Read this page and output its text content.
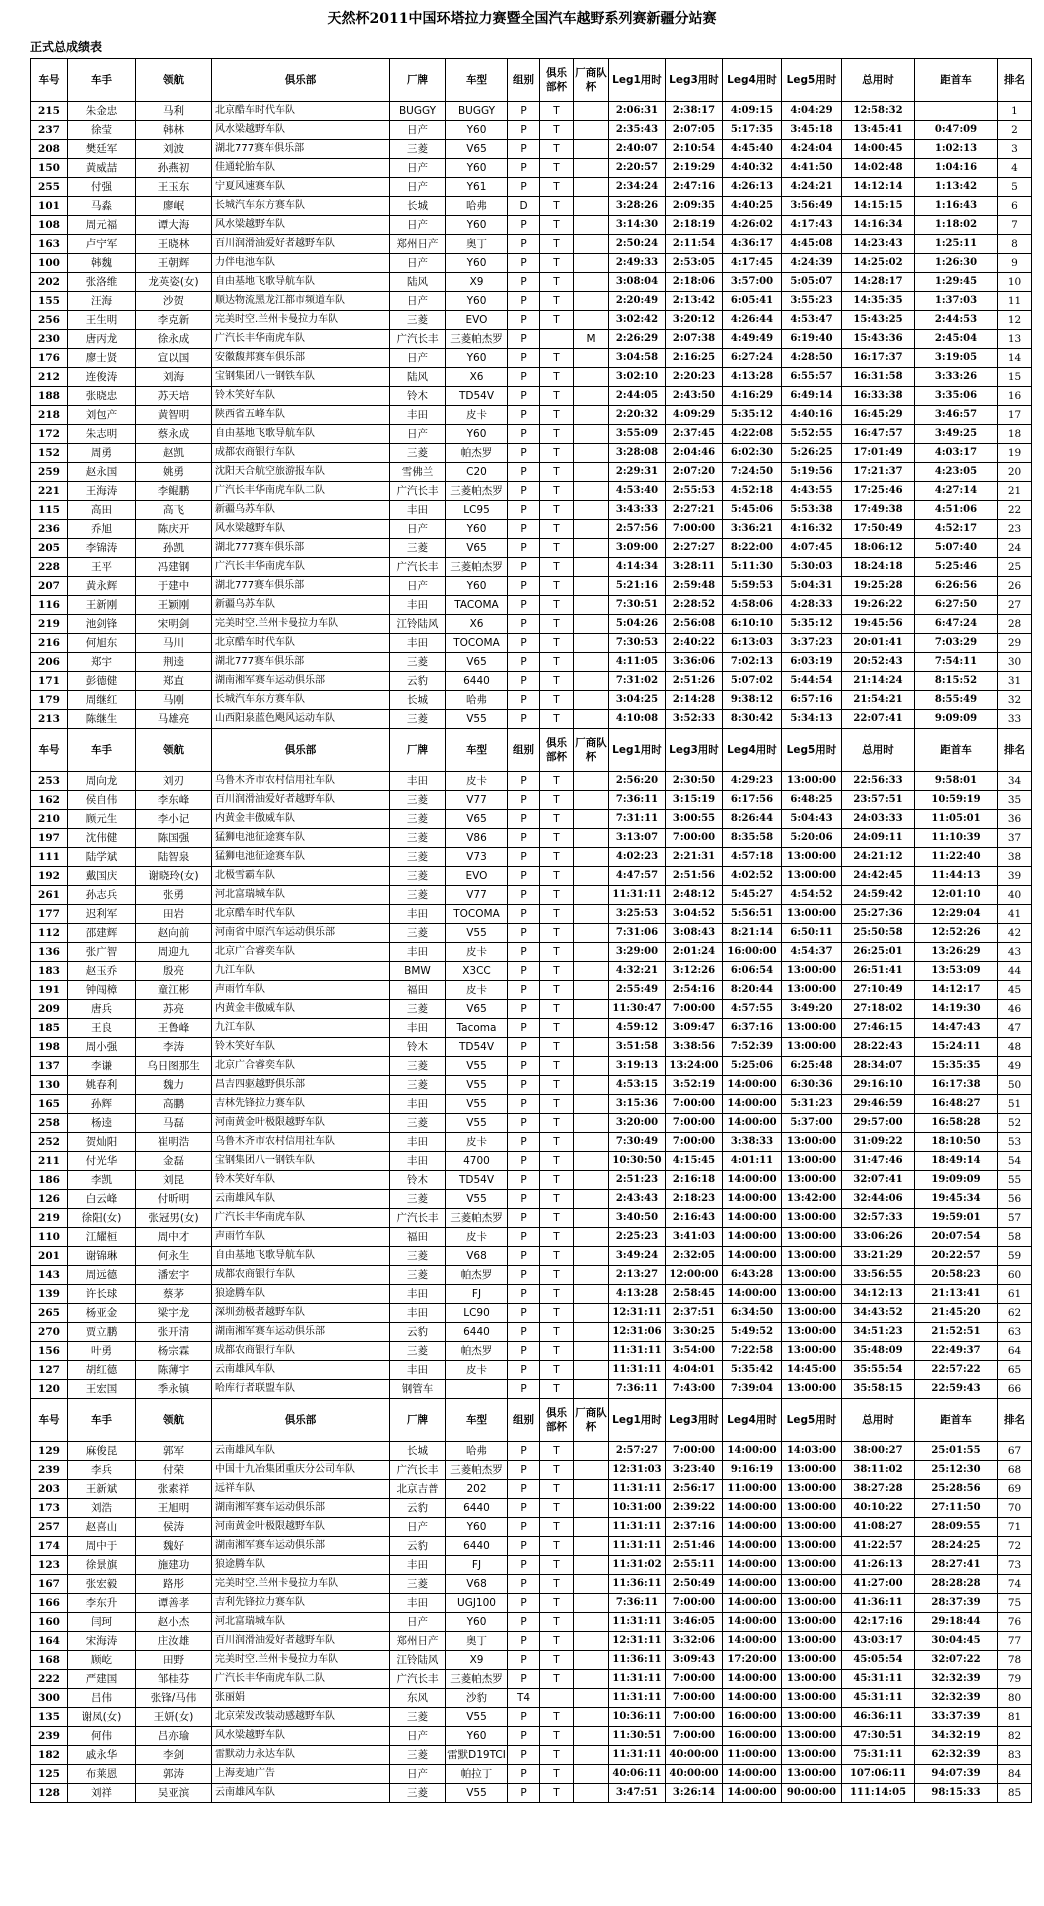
天然杯2011中国环塔拉力赛暨全国汽车越野系列赛新疆分站赛
正式总成绩表
车号	车手	领航	俱乐部	厂牌	车型	组别	俱乐部杯	厂商队杯	Leg1用时	Leg3用时	Leg4用时	Leg5用时	总用时	距首车	排名
215	朱金忠	马利	北京酷车时代车队	BUGGY	BUGGY	P	T		2:06:31	2:38:17	4:09:15	4:04:29	12:58:32		1
237	徐莹	韩林	风水梁越野车队	日产	Y60	P	T		2:35:43	2:07:05	5:17:35	3:45:18	13:45:41	0:47:09	2
208	樊廷军	刘波	湖北777赛车俱乐部	三菱	V65	P	T		2:40:07	2:10:54	4:45:40	4:24:04	14:00:45	1:02:13	3
150	黄威喆	孙燕初	佳通轮胎车队	日产	Y60	P	T		2:20:57	2:19:29	4:40:32	4:41:50	14:02:48	1:04:16	4
255	付强	王玉东	宁夏风速赛车队	日产	Y61	P	T		2:34:24	2:47:16	4:26:13	4:24:21	14:12:14	1:13:42	5
101	马淼	廖岷	长城汽车东方赛车队	长城	哈弗	D	T		3:28:26	2:09:35	4:40:25	3:56:49	14:15:15	1:16:43	6
108	周元福	谭大海	风水梁越野车队	日产	Y60	P	T		3:14:30	2:18:19	4:26:02	4:17:43	14:16:34	1:18:02	7
163	卢宁军	王晓林	百川润滑油爱好者越野车队	郑州日产	奥丁	P	T		2:50:24	2:11:54	4:36:17	4:45:08	14:23:43	1:25:11	8
100	韩魏	王朝辉	力伴电池车队	日产	Y60	P	T		2:49:33	2:53:05	4:17:45	4:24:39	14:25:02	1:26:30	9
202	张洛维	龙英姿(女)	自由基地飞歌导航车队	陆风	X9	P	T		3:08:04	2:18:06	3:57:00	5:05:07	14:28:17	1:29:45	10
155	汪海	沙贺	顺达物流黑龙江都市频道车队	日产	Y60	P	T		2:20:49	2:13:42	6:05:41	3:55:23	14:35:35	1:37:03	11
256	王生明	李克新	完美时空.兰州卡曼拉力车队	三菱	EVO	P	T		3:02:42	3:20:12	4:26:44	4:53:47	15:43:25	2:44:53	12
230	唐丙龙	徐永成	广汽长丰华南虎车队	广汽长丰	三菱帕杰罗	P		M	2:26:29	2:07:38	4:49:49	6:19:40	15:43:36	2:45:04	13
176	廖士贤	宣以国	安徽馥邦赛车俱乐部	日产	Y60	P	T		3:04:58	2:16:25	6:27:24	4:28:50	16:17:37	3:19:05	14
212	连俊涛	刘海	宝钢集团八一钢铁车队	陆风	X6	P	T		3:02:10	2:20:23	4:13:28	6:55:57	16:31:58	3:33:26	15
188	张晓忠	苏天培	铃木笑好车队	铃木	TD54V	P	T		2:44:05	2:43:50	4:16:29	6:49:14	16:33:38	3:35:06	16
218	刘包产	黄智明	陕西省五峰车队	丰田	皮卡	P	T		2:20:32	4:09:29	5:35:12	4:40:16	16:45:29	3:46:57	17
172	朱志明	蔡永成	自由基地飞歌导航车队	日产	Y60	P	T		3:55:09	2:37:45	4:22:08	5:52:55	16:47:57	3:49:25	18
152	周勇	赵凯	成都农商银行车队	三菱	帕杰罗	P	T		3:28:08	2:04:46	6:02:30	5:26:25	17:01:49	4:03:17	19
259	赵永国	姚勇	沈阳天合航空旅游报车队	雪佛兰	C20	P	T		2:29:31	2:07:20	7:24:50	5:19:56	17:21:37	4:23:05	20
221	王海涛	李鲲鹏	广汽长丰华南虎车队二队	广汽长丰	三菱帕杰罗	P	T		4:53:40	2:55:53	4:52:18	4:43:55	17:25:46	4:27:14	21
115	高田	高飞	新疆乌苏车队	丰田	LC95	P	T		3:43:33	2:27:21	5:45:06	5:53:38	17:49:38	4:51:06	22
236	乔旭	陈庆开	风水梁越野车队	日产	Y60	P	T		2:57:56	7:00:00	3:36:21	4:16:32	17:50:49	4:52:17	23
205	李锦涛	孙凯	湖北777赛车俱乐部	三菱	V65	P	T		3:09:00	2:27:27	8:22:00	4:07:45	18:06:12	5:07:40	24
228	王平	冯建钢	广汽长丰华南虎车队	广汽长丰	三菱帕杰罗	P	T		4:14:34	3:28:11	5:11:30	5:30:03	18:24:18	5:25:46	25
207	黄永辉	于建中	湖北777赛车俱乐部	日产	Y60	P	T		5:21:16	2:59:48	5:59:53	5:04:31	19:25:28	6:26:56	26
116	王新刚	王颖刚	新疆乌苏车队	丰田	TACOMA	P	T		7:30:51	2:28:52	4:58:06	4:28:33	19:26:22	6:27:50	27
219	池剑锋	宋明剑	完美时空.兰州卡曼拉力车队	江铃陆风	X6	P	T		5:04:26	2:56:08	6:10:10	5:35:12	19:45:56	6:47:24	28
216	何旭东	马川	北京酷车时代车队	丰田	TOCOMA	P	T		7:30:53	2:40:22	6:13:03	3:37:23	20:01:41	7:03:29	29
206	郑宇	荆逵	湖北777赛车俱乐部	三菱	V65	P	T		4:11:05	3:36:06	7:02:13	6:03:19	20:52:43	7:54:11	30
171	彭德健	郑直	湖南湘军赛车运动俱乐部	云豹	6440	P	T		7:31:02	2:51:26	5:07:02	5:44:54	21:14:24	8:15:52	31
179	周继红	马刚	长城汽车东方赛车队	长城	哈弗	P	T		3:04:25	2:14:28	9:38:12	6:57:16	21:54:21	8:55:49	32
213	陈继生	马雄亮	山西阳泉蓝色飓风运动车队	三菱	V55	P	T		4:10:08	3:52:33	8:30:42	5:34:13	22:07:41	9:09:09	33
车号	车手	领航	俱乐部	厂牌	车型	组别	俱乐部杯	厂商队杯	Leg1用时	Leg3用时	Leg4用时	Leg5用时	总用时	距首车	排名
253	周向龙	刘刃	乌鲁木齐市农村信用社车队	丰田	皮卡	P	T		2:56:20	2:30:50	4:29:23	13:00:00	22:56:33	9:58:01	34
162	侯自伟	李东峰	百川润滑油爱好者越野车队	三菱	V77	P	T		7:36:11	3:15:19	6:17:56	6:48:25	23:57:51	10:59:19	35
210	顾元生	李小记	内黄金丰傲威车队	三菱	V65	P	T		7:31:11	3:00:55	8:26:44	5:04:43	24:03:33	11:05:01	36
197	沈伟健	陈国强	猛狮电池征途赛车队	三菱	V86	P	T		3:13:07	7:00:00	8:35:58	5:20:06	24:09:11	11:10:39	37
111	陆学斌	陆智泉	猛狮电池征途赛车队	三菱	V73	P	T		4:02:23	2:21:31	4:57:18	13:00:00	24:21:12	11:22:40	38
192	戴国庆	谢晓玲(女)	北极雪霸车队	三菱	EVO	P	T		4:47:57	2:51:56	4:02:52	13:00:00	24:42:45	11:44:13	39
261	孙志兵	张勇	河北富瑞城车队	三菱	V77	P	T		11:31:11	2:48:12	5:45:27	4:54:52	24:59:42	12:01:10	40
177	迟利军	田岩	北京酷车时代车队	丰田	TOCOMA	P	T		3:25:53	3:04:52	5:56:51	13:00:00	25:27:36	12:29:04	41
112	邵建辉	赵向前	河南省中原汽车运动俱乐部	三菱	V55	P	T		7:31:06	3:08:43	8:21:14	6:50:11	25:50:58	12:52:26	42
136	张广智	周迎九	北京广合睿奕车队	丰田	皮卡	P	T		3:29:00	2:01:24	16:00:00	4:54:37	26:25:01	13:26:29	43
183	赵玉乔	殷亮	九江车队	BMW	X3CC	P	T		4:32:21	3:12:26	6:06:54	13:00:00	26:51:41	13:53:09	44
191	钟闯樟	童江彬	声雨竹车队	福田	皮卡	P	T		2:55:49	2:54:16	8:20:44	13:00:00	27:10:49	14:12:17	45
209	唐兵	苏亮	内黄金丰傲威车队	三菱	V65	P	T		11:30:47	7:00:00	4:57:55	3:49:20	27:18:02	14:19:30	46
185	王良	王鲁峰	九江车队	丰田	Tacoma	P	T		4:59:12	3:09:47	6:37:16	13:00:00	27:46:15	14:47:43	47
198	周小强	李涛	铃木笑好车队	铃木	TD54V	P	T		3:51:58	3:38:56	7:52:39	13:00:00	28:22:43	15:24:11	48
137	李谦	乌日图那生	北京广合睿奕车队	三菱	V55	P	T		3:19:13	13:24:00	5:25:06	6:25:48	28:34:07	15:35:35	49
130	姚春利	魏力	昌吉四驱越野俱乐部	三菱	V55	P	T		4:53:15	3:52:19	14:00:00	6:30:36	29:16:10	16:17:38	50
165	孙辉	高鹏	吉林先锋拉力赛车队	丰田	V55	P	T		3:15:36	7:00:00	14:00:00	5:31:23	29:46:59	16:48:27	51
258	杨逵	马磊	河南黄金叶极限越野车队	三菱	V55	P	T		3:20:00	7:00:00	14:00:00	5:37:00	29:57:00	16:58:28	52
252	贺灿阳	崔明浩	乌鲁木齐市农村信用社车队	丰田	皮卡	P	T		7:30:49	7:00:00	3:38:33	13:00:00	31:09:22	18:10:50	53
211	付光华	金磊	宝钢集团八一钢铁车队	丰田	4700	P	T		10:30:50	4:15:45	4:01:11	13:00:00	31:47:46	18:49:14	54
186	李凯	刘昆	铃木笑好车队	铃木	TD54V	P	T		2:51:23	2:16:18	14:00:00	13:00:00	32:07:41	19:09:09	55
126	白云峰	付昕明	云南雄风车队	三菱	V55	P	T		2:43:43	2:18:23	14:00:00	13:42:00	32:44:06	19:45:34	56
219	徐阳(女)	张冠男(女)	广汽长丰华南虎车队	广汽长丰	三菱帕杰罗	P	T		3:40:50	2:16:43	14:00:00	13:00:00	32:57:33	19:59:01	57
110	江耀桓	周中才	声雨竹车队	福田	皮卡	P	T		2:25:23	3:41:03	14:00:00	13:00:00	33:06:26	20:07:54	58
201	谢锦琳	何永生	自由基地飞歌导航车队	三菱	V68	P	T		3:49:24	2:32:05	14:00:00	13:00:00	33:21:29	20:22:57	59
143	周远德	潘宏宇	成都农商银行车队	三菱	帕杰罗	P	T		2:13:27	12:00:00	6:43:28	13:00:00	33:56:55	20:58:23	60
139	许长球	蔡茅	狼途腾车队	丰田	FJ	P	T		4:13:28	2:58:45	14:00:00	13:00:00	34:12:13	21:13:41	61
265	杨亚金	梁宇龙	深圳劲极者越野车队	丰田	LC90	P	T		12:31:11	2:37:51	6:34:50	13:00:00	34:43:52	21:45:20	62
270	贾立鹏	张开清	湖南湘军赛车运动俱乐部	云豹	6440	P	T		12:31:06	3:30:25	5:49:52	13:00:00	34:51:23	21:52:51	63
156	叶勇	杨宗霖	成都农商银行车队	三菱	帕杰罗	P	T		11:31:11	3:54:00	7:22:58	13:00:00	35:48:09	22:49:37	64
127	胡红德	陈薄宇	云南雄风车队	丰田	皮卡	P	T		11:31:11	4:04:01	5:35:42	14:45:00	35:55:54	22:57:22	65
120	王宏国	季永镇	哈库行者联盟车队	钢管车		P	T		7:36:11	7:43:00	7:39:04	13:00:00	35:58:15	22:59:43	66
车号	车手	领航	俱乐部	厂牌	车型	组别	俱乐部杯	厂商队杯	Leg1用时	Leg3用时	Leg4用时	Leg5用时	总用时	距首车	排名
129	麻俊昆	郭军	云南雄风车队	长城	哈弗	P	T		2:57:27	7:00:00	14:00:00	14:03:00	38:00:27	25:01:55	67
239	李兵	付荣	中国十九冶集团重庆分公司车队	广汽长丰	三菱帕杰罗	P	T		12:31:03	3:23:40	9:16:19	13:00:00	38:11:02	25:12:30	68
203	王新斌	张素祥	远祥车队	北京吉普	202	P	T		11:31:11	2:56:17	11:00:00	13:00:00	38:27:28	25:28:56	69
173	刘浩	王旭明	湖南湘军赛车运动俱乐部	云豹	6440	P	T		10:31:00	2:39:22	14:00:00	13:00:00	40:10:22	27:11:50	70
257	赵喜山	侯涛	河南黄金叶极限越野车队	日产	Y60	P	T		11:31:11	2:37:16	14:00:00	13:00:00	41:08:27	28:09:55	71
174	周中于	魏好	湖南湘军赛车运动俱乐部	云豹	6440	P	T		11:31:11	2:51:46	14:00:00	13:00:00	41:22:57	28:24:25	72
123	徐景旗	施建功	狼途腾车队	丰田	FJ	P	T		11:31:02	2:55:11	14:00:00	13:00:00	41:26:13	28:27:41	73
167	张宏毅	路彤	完美时空.兰州卡曼拉力车队	三菱	V68	P	T		11:36:11	2:50:49	14:00:00	13:00:00	41:27:00	28:28:28	74
166	李东升	谭善孝	吉利先锋拉力赛车队	丰田	UGJ100	P	T		7:36:11	7:00:00	14:00:00	13:00:00	41:36:11	28:37:39	75
160	闫珂	赵小杰	河北富瑞城车队	日产	Y60	P	T		11:31:11	3:46:05	14:00:00	13:00:00	42:17:16	29:18:44	76
164	宋海涛	庄汝雄	百川润滑油爱好者越野车队	郑州日产	奥丁	P	T		12:31:11	3:32:06	14:00:00	13:00:00	43:03:17	30:04:45	77
168	顾屹	田野	完美时空.兰州卡曼拉力车队	江铃陆风	X9	P	T		11:36:11	3:09:43	17:20:00	13:00:00	45:05:54	32:07:22	78
222	严建国	邹桂芬	广汽长丰华南虎车队二队	广汽长丰	三菱帕杰罗	P	T		11:31:11	7:00:00	14:00:00	13:00:00	45:31:11	32:32:39	79
300	吕伟	张锋/马伟	张丽娟	东风	沙豹	T4			11:31:11	7:00:00	14:00:00	13:00:00	45:31:11	32:32:39	80
135	谢凤(女)	王妍(女)	北京荣发改装动感越野车队	三菱	V55	P	T		10:36:11	7:00:00	16:00:00	13:00:00	46:36:11	33:37:39	81
239	何伟	吕亦瑜	风水梁越野车队	日产	Y60	P	T		11:30:51	7:00:00	16:00:00	13:00:00	47:30:51	34:32:19	82
182	戚永华	李剑	雷默动力永达车队	三菱	雷默D19TCI	P	T		11:31:11	40:00:00	11:00:00	13:00:00	75:31:11	62:32:39	83
125	布莱恩	郭涛	上海麦迪广告	日产	帕拉丁	P	T		40:06:11	40:00:00	14:00:00	13:00:00	107:06:11	94:07:39	84
128	刘祥	吴亚滨	云南雄风车队	三菱	V55	P	T		3:47:51	3:26:14	14:00:00	90:00:00	111:14:05	98:15:33	85
